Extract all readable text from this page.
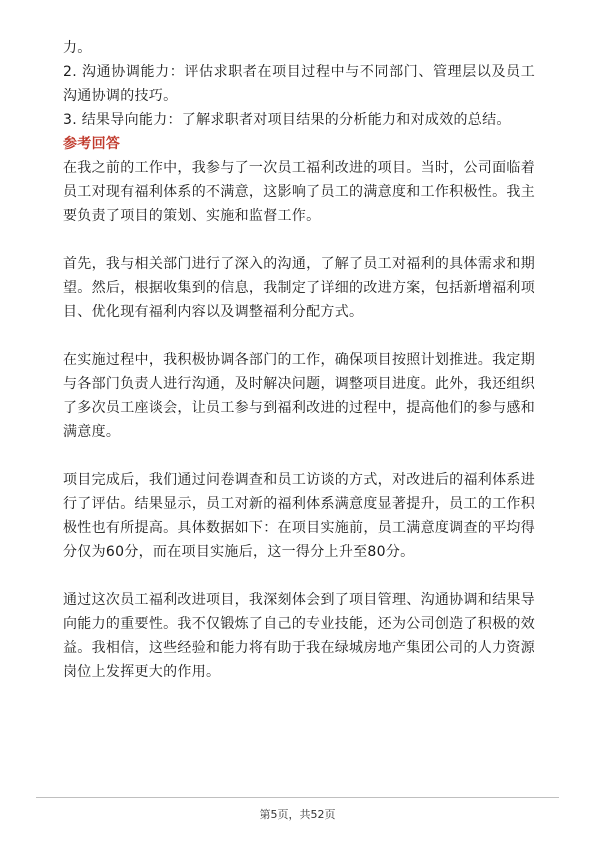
力。

2. 沟通协调能力：评估求职者在项目过程中与不同部门、管理层以及员工沟通协调的技巧。

3. 结果导向能力：了解求职者对项目结果的分析能力和对成效的总结。

参考回答

在我之前的工作中，我参与了一次员工福利改进的项目。当时，公司面临着员工对现有福利体系的不满意，这影响了员工的满意度和工作积极性。我主要负责了项目的策划、实施和监督工作。

首先，我与相关部门进行了深入的沟通，了解了员工对福利的具体需求和期望。然后，根据收集到的信息，我制定了详细的改进方案，包括新增福利项目、优化现有福利内容以及调整福利分配方式。

在实施过程中，我积极协调各部门的工作，确保项目按照计划推进。我定期与各部门负责人进行沟通，及时解决问题，调整项目进度。此外，我还组织了多次员工座谈会，让员工参与到福利改进的过程中，提高他们的参与感和满意度。

项目完成后，我们通过问卷调查和员工访谈的方式，对改进后的福利体系进行了评估。结果显示，员工对新的福利体系满意度显著提升，员工的工作积极性也有所提高。具体数据如下：在项目实施前，员工满意度调查的平均得分仅为60分，而在项目实施后，这一得分上升至80分。

通过这次员工福利改进项目，我深刻体会到了项目管理、沟通协调和结果导向能力的重要性。我不仅锻炼了自己的专业技能，还为公司创造了积极的效益。我相信，这些经验和能力将有助于我在绿城房地产集团公司的人力资源岗位上发挥更大的作用。

第5页，共52页
